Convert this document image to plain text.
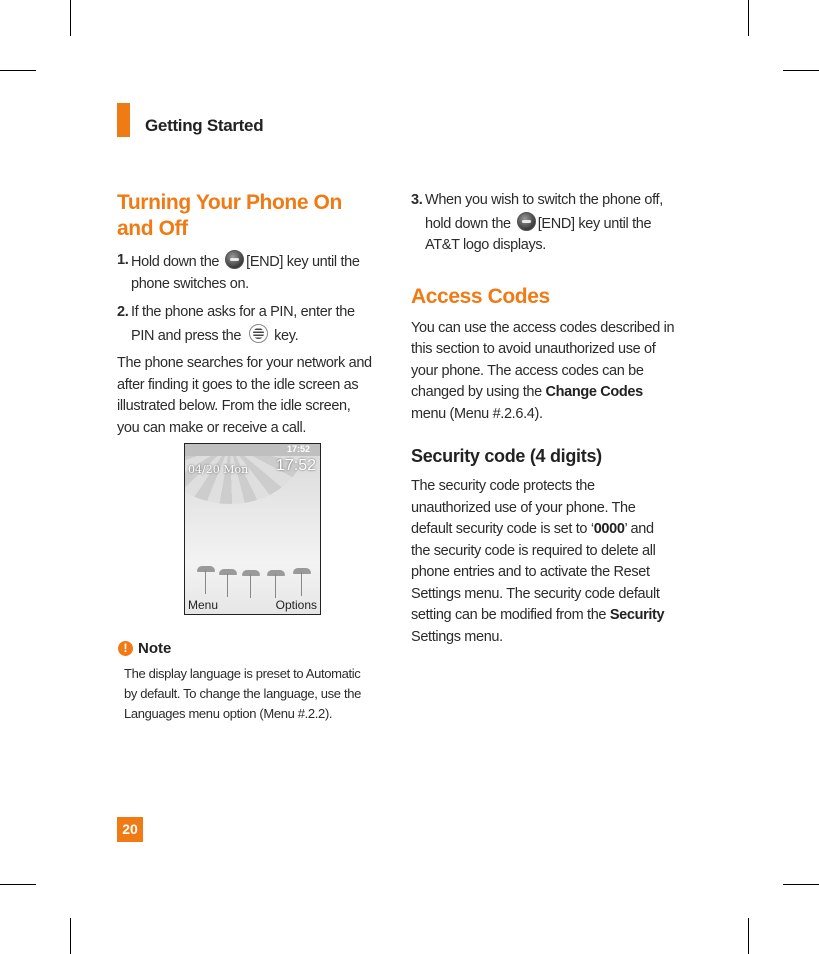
Getting Started
Turning Your Phone On and Off
1. Hold down the [END] key until the phone switches on.
2. If the phone asks for a PIN, enter the PIN and press the key.

The phone searches for your network and after finding it goes to the idle screen as illustrated below. From the idle screen, you can make or receive a call.

17:52
04/20 Mon 17:52
Menu	Options
! Note
The display language is preset to Automatic by default. To change the language, use the Languages menu option (Menu #.2.2).
3. When you wish to switch the phone off, hold down the [END] key until the AT&T logo displays.
Access Codes

You can use the access codes described in this section to avoid unauthorized use of your phone. The access codes can be changed by using the Change Codes menu (Menu #.2.6.4).

Security code (4 digits)

The security code protects the unauthorized use of your phone. The default security code is set to ‘0000’ and the security code is required to delete all phone entries and to activate the Reset Settings menu. The security code default setting can be modified from the Security Settings menu.

20
